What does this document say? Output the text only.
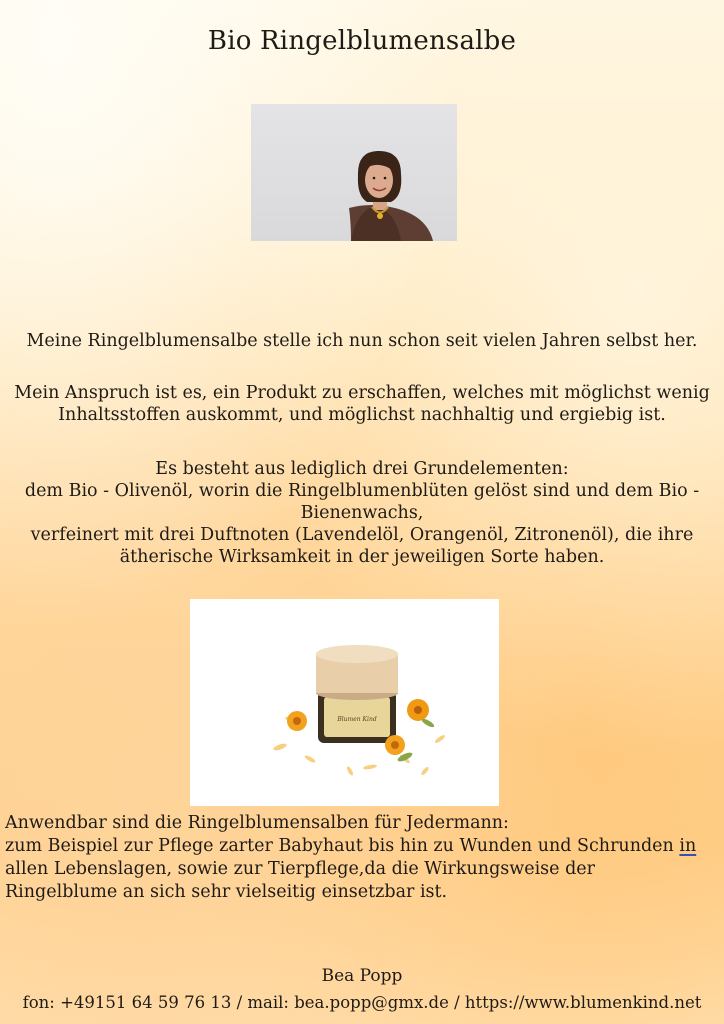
Bio Ringelblumensalbe
Meine Ringelblumensalbe stelle ich nun schon seit vielen Jahren selbst her.
Mein Anspruch ist es, ein Produkt zu erschaffen, welches mit möglichst wenig
Inhaltsstoffen auskommt, und möglichst nachhaltig und ergiebig ist.
Es besteht aus lediglich drei Grundelementen:
dem Bio - Olivenöl, worin die Ringelblumenblüten gelöst sind und dem Bio -
Bienenwachs,
verfeinert mit drei Duftnoten (Lavendelöl, Orangenöl, Zitronenöl), die ihre
ätherische Wirksamkeit in der jeweiligen Sorte haben.
Blumen Kind
Anwendbar sind die Ringelblumensalben für Jedermann:
zum Beispiel zur Pflege zarter Babyhaut bis hin zu Wunden und Schrunden in
allen Lebenslagen, sowie zur Tierpflege,da die Wirkungsweise der
Ringelblume an sich sehr vielseitig einsetzbar ist.
Bea Popp
fon: +49151 64 59 76 13 / mail: bea.popp@gmx.de / https://www.blumenkind.net
